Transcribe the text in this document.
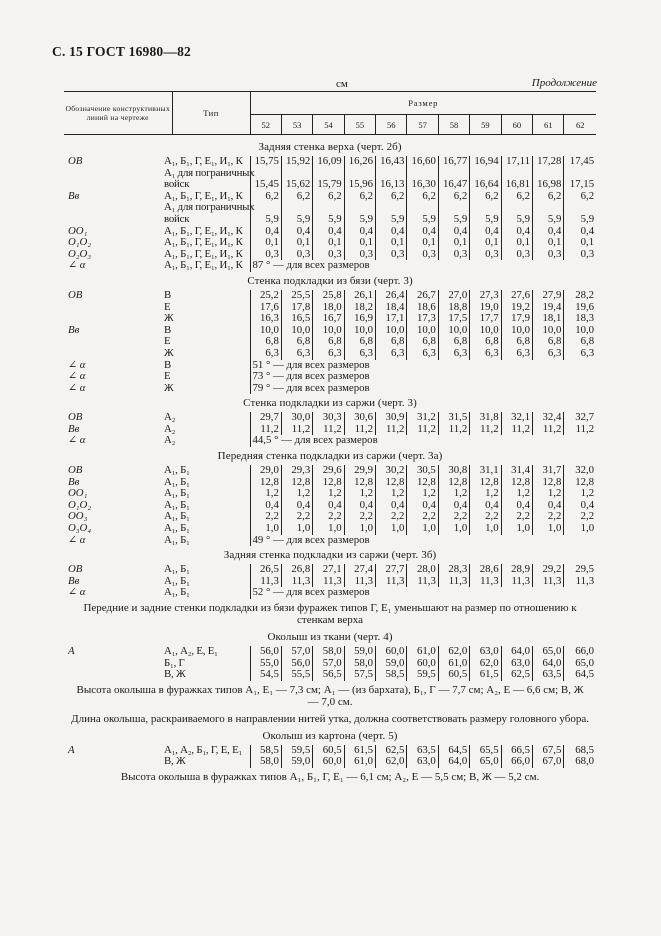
С. 15 ГОСТ 16980—82
см	Продолжение
Обозначение конструктивных линий на чертеже	Тип	Размер										
		52	53	54	55	56	57	58	59	60	61	62
Задняя стенка верха (черт. 2б)												
ОВ	А₁, Б₁, Г, Е₁, И₁, К	15,75	15,92	16,09	16,26	16,43	16,60	16,77	16,94	17,11	17,28	17,45
	А₁ для пограничных											
	войск	15,45	15,62	15,79	15,96	16,13	16,30	16,47	16,64	16,81	16,98	17,15
Вв	А₁, Б₁, Г, Е₁, И₁, К	6,2	6,2	6,2	6,2	6,2	6,2	6,2	6,2	6,2	6,2	6,2
	А₁ для пограничных											
	войск	5,9	5,9	5,9	5,9	5,9	5,9	5,9	5,9	5,9	5,9	5,9
ОО₁	А₁, Б₁, Г, Е₁, И₁, К	0,4	0,4	0,4	0,4	0,4	0,4	0,4	0,4	0,4	0,4	0,4
О₁О₂	А₁, Б₁, Г, Е₁, И₁, К	0,1	0,1	0,1	0,1	0,1	0,1	0,1	0,1	0,1	0,1	0,1
О₂О₃	А₁, Б₁, Г, Е₁, И₁, К	0,3	0,3	0,3	0,3	0,3	0,3	0,3	0,3	0,3	0,3	0,3
∠ α	А₁, Б₁, Г, Е₁, И₁, К	87 ° — для всех размеров										
Стенка подкладки из бязи (черт. 3)												
ОВ	В	25,2	25,5	25,8	26,1	26,4	26,7	27,0	27,3	27,6	27,9	28,2
	Е	17,6	17,8	18,0	18,2	18,4	18,6	18,8	19,0	19,2	19,4	19,6
	Ж	16,3	16,5	16,7	16,9	17,1	17,3	17,5	17,7	17,9	18,1	18,3
Вв	В	10,0	10,0	10,0	10,0	10,0	10,0	10,0	10,0	10,0	10,0	10,0
	Е	6,8	6,8	6,8	6,8	6,8	6,8	6,8	6,8	6,8	6,8	6,8
	Ж	6,3	6,3	6,3	6,3	6,3	6,3	6,3	6,3	6,3	6,3	6,3
∠ α	В	51 ° — для всех размеров										
∠ α	Е	73 ° — для всех размеров										
∠ α	Ж	79 ° — для всех размеров										
Стенка подкладки из саржи (черт. 3)												
ОВ	А₂	29,7	30,0	30,3	30,6	30,9	31,2	31,5	31,8	32,1	32,4	32,7
Вв	А₂	11,2	11,2	11,2	11,2	11,2	11,2	11,2	11,2	11,2	11,2	11,2
∠ α	А₂	44,5 ° — для всех размеров										
Передняя стенка подкладки из саржи (черт. 3а)												
ОВ	А₁, Б₁	29,0	29,3	29,6	29,9	30,2	30,5	30,8	31,1	31,4	31,7	32,0
Вв	А₁, Б₁	12,8	12,8	12,8	12,8	12,8	12,8	12,8	12,8	12,8	12,8	12,8
ОО₁	А₁, Б₁	1,2	1,2	1,2	1,2	1,2	1,2	1,2	1,2	1,2	1,2	1,2
О₁О₂	А₁, Б₁	0,4	0,4	0,4	0,4	0,4	0,4	0,4	0,4	0,4	0,4	0,4
ОО₃	А₁, Б₁	2,2	2,2	2,2	2,2	2,2	2,2	2,2	2,2	2,2	2,2	2,2
О₃О₄	А₁, Б₁	1,0	1,0	1,0	1,0	1,0	1,0	1,0	1,0	1,0	1,0	1,0
∠ α	А₁, Б₁	49 ° — для всех размеров										
Задняя стенка подкладки из саржи (черт. 3б)												
ОВ	А₁, Б₁	26,5	26,8	27,1	27,4	27,7	28,0	28,3	28,6	28,9	29,2	29,5
Вв	А₁, Б₁	11,3	11,3	11,3	11,3	11,3	11,3	11,3	11,3	11,3	11,3	11,3
∠ α	А₁, Б₁	52 ° — для всех размеров										
Передние и задние стенки подкладки из бязи фуражек типов Г, Е₁ уменьшают на размер по отношению к стенкам верха												
Околыш из ткани (черт. 4)												
А	А₁, А₂, Е, Е₁	56,0	57,0	58,0	59,0	60,0	61,0	62,0	63,0	64,0	65,0	66,0
	Б₁, Г	55,0	56,0	57,0	58,0	59,0	60,0	61,0	62,0	63,0	64,0	65,0
	В, Ж	54,5	55,5	56,5	57,5	58,5	59,5	60,5	61,5	62,5	63,5	64,5
Высота околыша в фуражках типов А₁, Е₁ — 7,3 см; А₁ — (из бархата), Б₁, Г — 7,7 см; А₂, Е — 6,6 см; В, Ж — 7,0 см.												
Длина околыша, раскраиваемого в направлении нитей утка, должна соответствовать размеру головного убора.												
Околыш из картона (черт. 5)												
А	А₁, А₂, Б₁, Г, Е, Е₁	58,5	59,5	60,5	61,5	62,5	63,5	64,5	65,5	66,5	67,5	68,5
	В, Ж	58,0	59,0	60,0	61,0	62,0	63,0	64,0	65,0	66,0	67,0	68,0
Высота околыша в фуражках типов А₁, Б₁, Г, Е₁ — 6,1 см; А₂, Е — 5,5 см; В, Ж — 5,2 см.												
